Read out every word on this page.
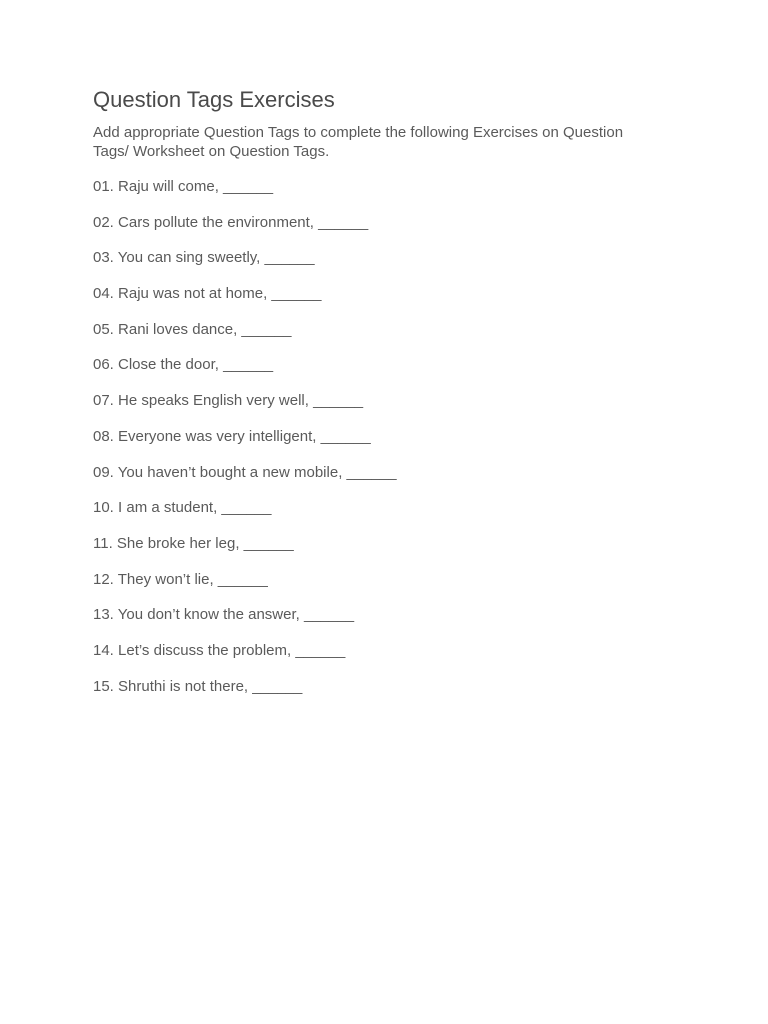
Question Tags Exercises

Add appropriate Question Tags to complete the following Exercises on Question Tags/ Worksheet on Question Tags.

01. Raju will come, ______
02. Cars pollute the environment, ______
03. You can sing sweetly, ______
04. Raju was not at home, ______
05. Rani loves dance, ______
06. Close the door, ______
07. He speaks English very well, ______
08. Everyone was very intelligent, ______
09. You haven’t bought a new mobile, ______
10. I am a student, ______
11. She broke her leg, ______
12. They won’t lie, ______
13. You don’t know the answer, ______
14. Let’s discuss the problem, ______
15. Shruthi is not there, ______
